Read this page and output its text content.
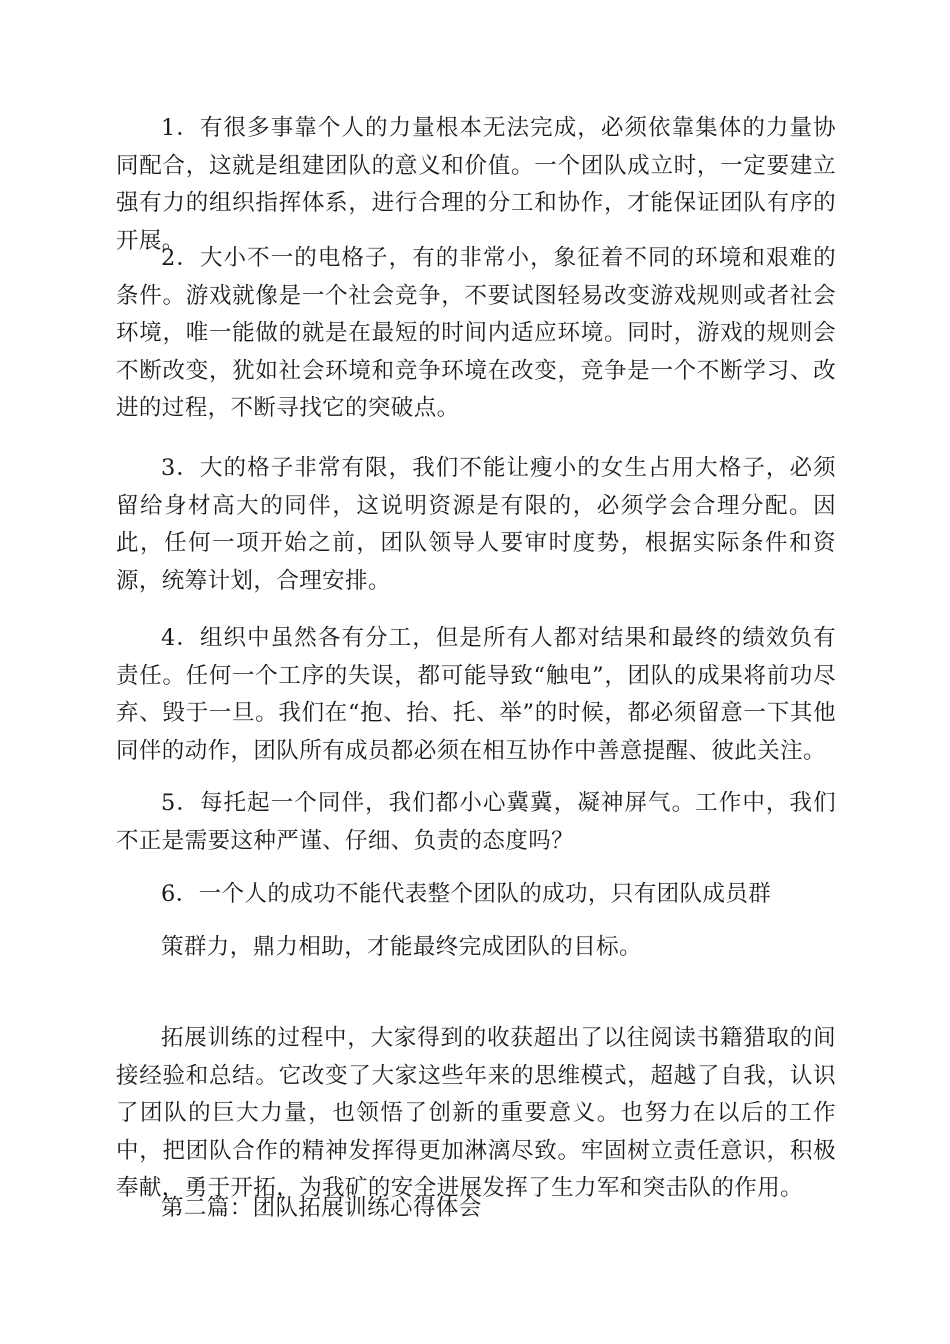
1．有很多事靠个人的力量根本无法完成，必须依靠集体的力量协同配合，这就是组建团队的意义和价值。一个团队成立时，一定要建立强有力的组织指挥体系，进行合理的分工和协作，才能保证团队有序的开展。

2．大小不一的电格子，有的非常小，象征着不同的环境和艰难的条件。游戏就像是一个社会竞争，不要试图轻易改变游戏规则或者社会环境，唯一能做的就是在最短的时间内适应环境。同时，游戏的规则会不断改变，犹如社会环境和竞争环境在改变，竞争是一个不断学习、改进的过程，不断寻找它的突破点。

3．大的格子非常有限，我们不能让瘦小的女生占用大格子，必须留给身材高大的同伴，这说明资源是有限的，必须学会合理分配。因此，任何一项开始之前，团队领导人要审时度势，根据实际条件和资源，统筹计划，合理安排。

4．组织中虽然各有分工，但是所有人都对结果和最终的绩效负有责任。任何一个工序的失误，都可能导致“触电”，团队的成果将前功尽弃、毁于一旦。我们在“抱、抬、托、举”的时候，都必须留意一下其他同伴的动作，团队所有成员都必须在相互协作中善意提醒、彼此关注。

5．每托起一个同伴，我们都小心冀冀，凝神屏气。工作中，我们不正是需要这种严谨、仔细、负责的态度吗？

6．一个人的成功不能代表整个团队的成功，只有团队成员群

策群力，鼎力相助，才能最终完成团队的目标。

拓展训练的过程中，大家得到的收获超出了以往阅读书籍猎取的间接经验和总结。它改变了大家这些年来的思维模式，超越了自我，认识了团队的巨大力量，也领悟了创新的重要意义。也努力在以后的工作中，把团队合作的精神发挥得更加淋漓尽致。牢固树立责任意识，积极奉献，勇于开拓，为我矿的安全进展发挥了生力军和突击队的作用。

第二篇：团队拓展训练心得体会
